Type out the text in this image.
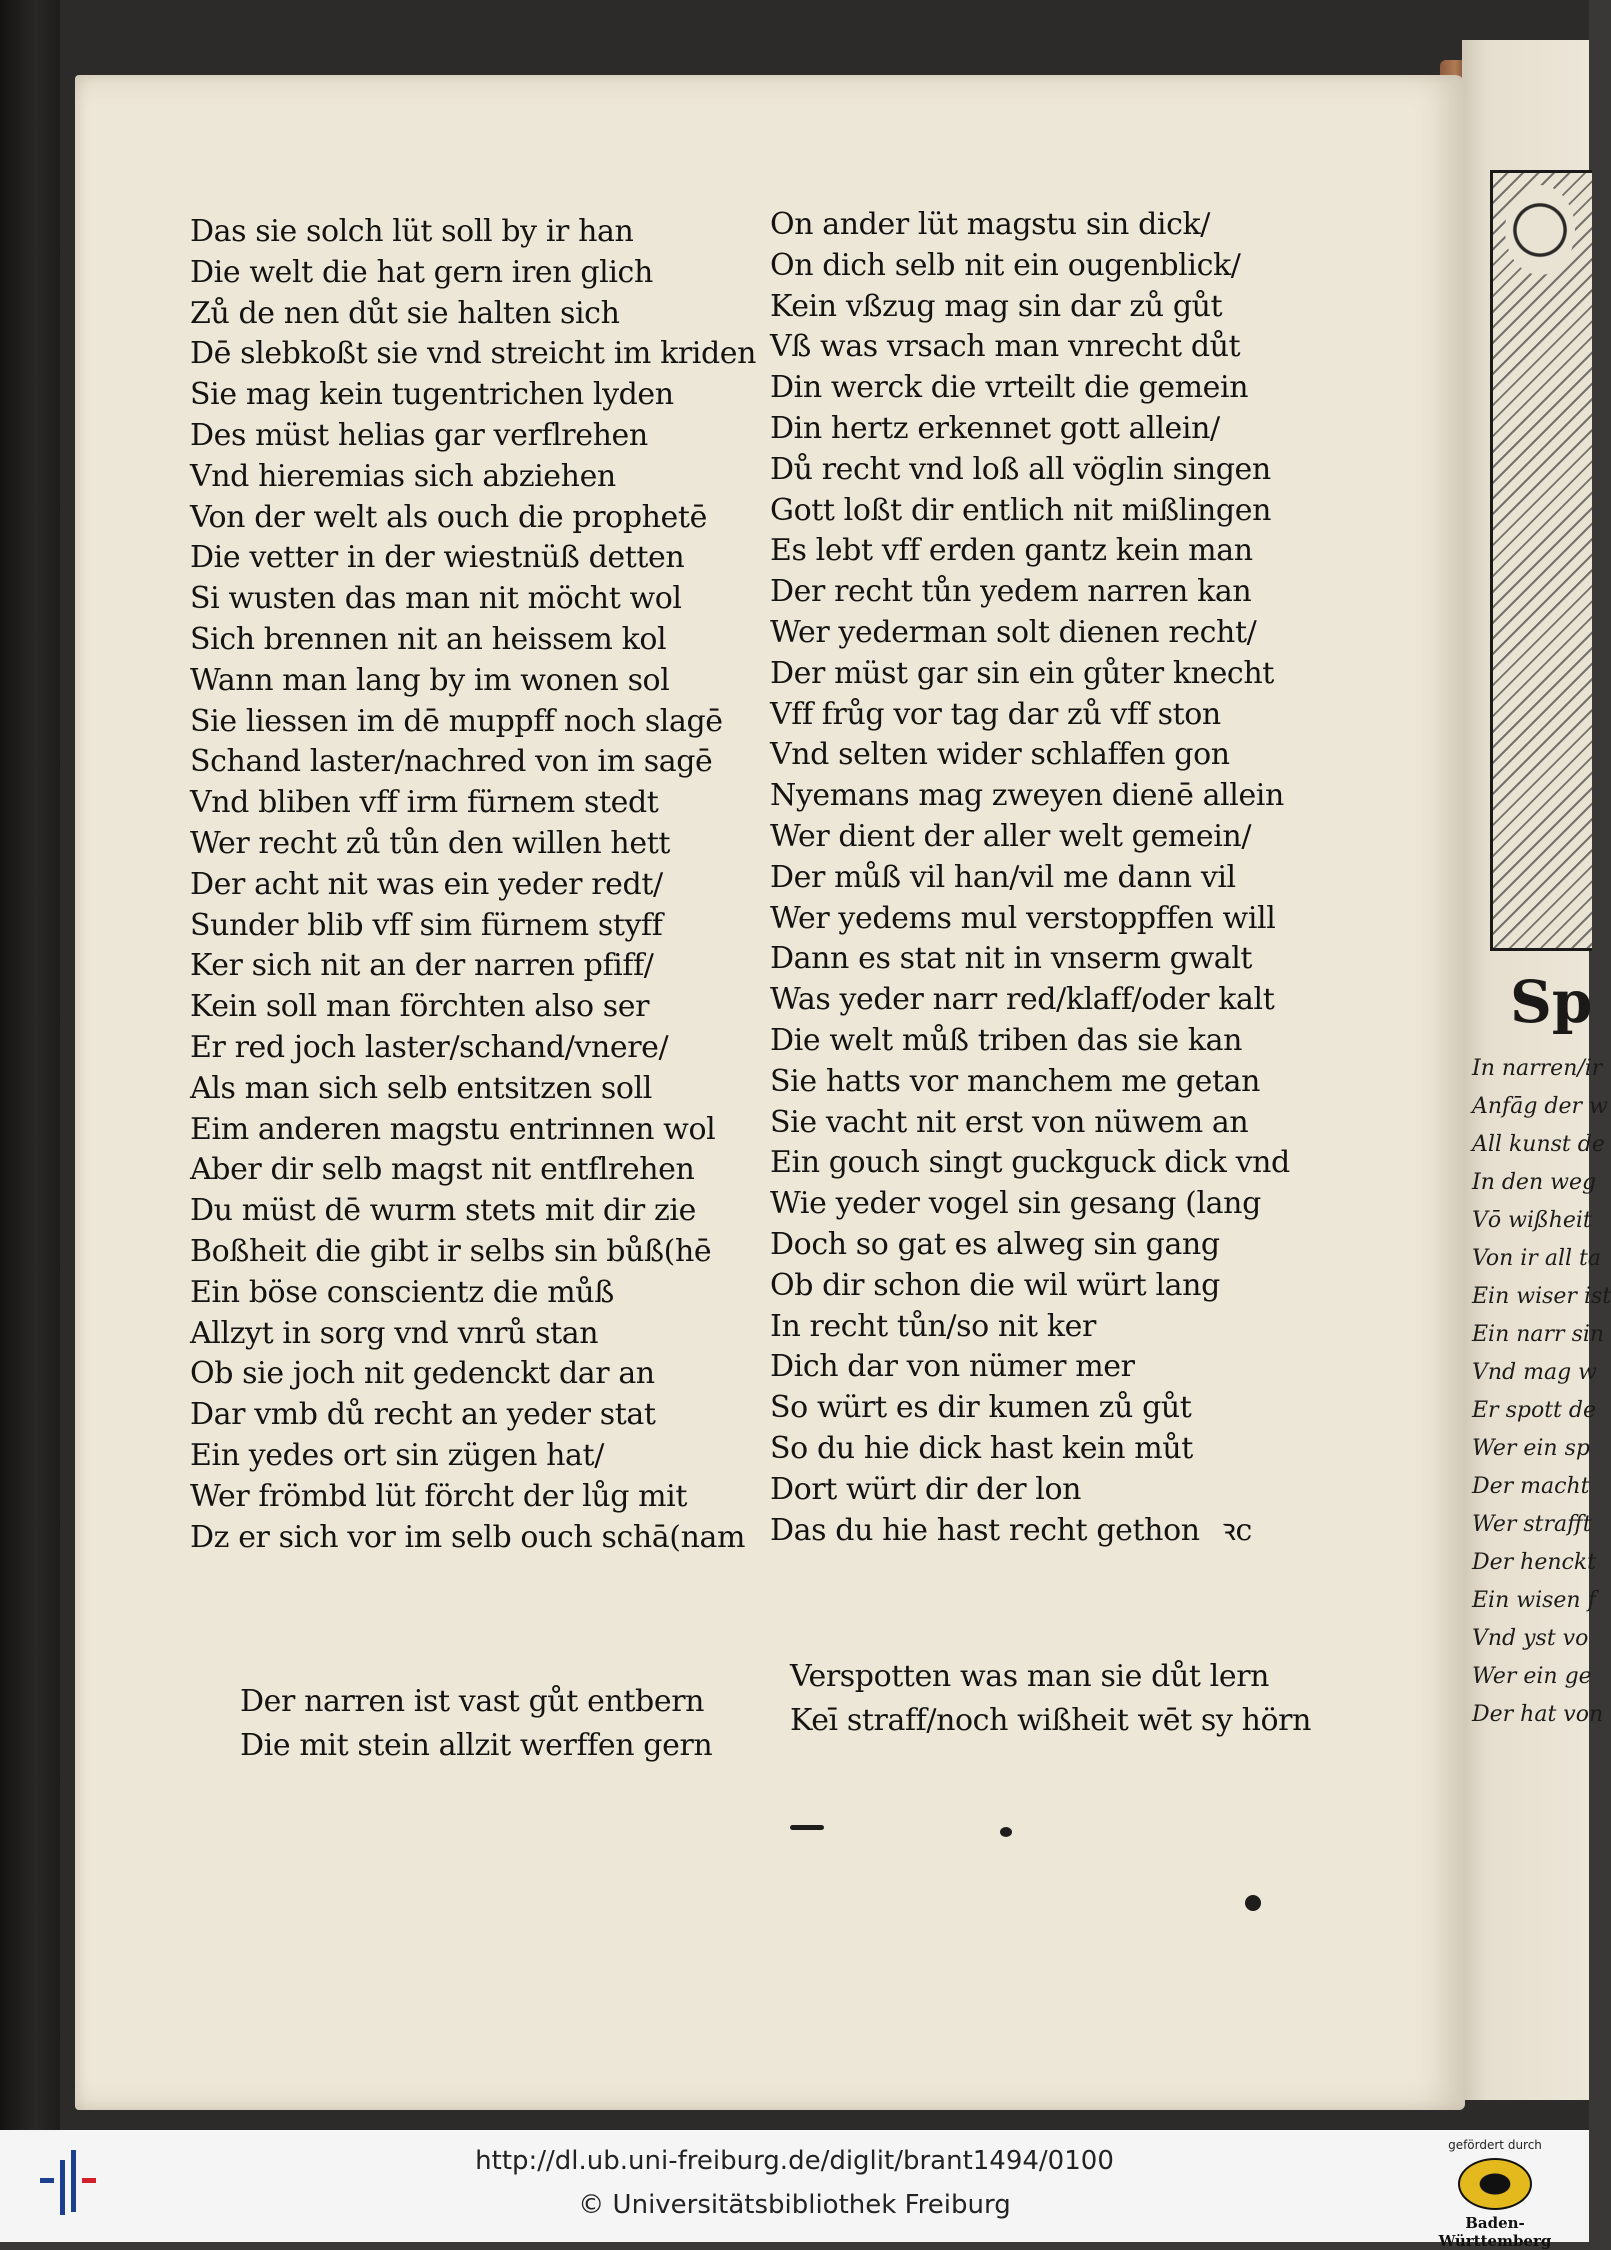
Sp
In narren/ir
Anfāg der w
All kunst de
In den weg
Vō wißheit
Von ir all ta
Ein wiser ist
Ein narr sin
Vnd mag w
Er spott de
Wer ein sp
Der macht
Wer strafft
Der henckt
Ein wisen f
Vnd yst vo
Wer ein ge
Der hat von
Das sie solch lüt soll by ir han
Die welt die hat gern iren glich
Zů de nen důt sie halten sich
Dē slebkoßt sie vnd streicht im kriden
Sie mag kein tugentrichen lyden
Des müst helias gar verflrehen
Vnd hieremias sich abziehen
Von der welt als ouch die prophetē
Die vetter in der wiestnüß detten
Si wusten das man nit möcht wol
Sich brennen nit an heissem kol
Wann man lang by im wonen sol
Sie liessen im dē muppff noch slagē
Schand laster/nachred von im sagē
Vnd bliben vff irm fürnem stedt
Wer recht zů tůn den willen hett
Der acht nit was ein yeder redt/
Sunder blib vff sim fürnem styff
Ker sich nit an der narren pfiff/
Kein soll man förchten also ser
Er red joch laster/schand/vnere/
Als man sich selb entsitzen soll
Eim anderen magstu entrinnen wol
Aber dir selb magst nit entflrehen
Du müst dē wurm stets mit dir zie
Boßheit die gibt ir selbs sin bůß(hē
Ein böse conscientz die můß
Allzyt in sorg vnd vnrů stan
Ob sie joch nit gedenckt dar an
Dar vmb dů recht an yeder stat
Ein yedes ort sin zügen hat/
Wer frömbd lüt förcht der lůg mit
Dz er sich vor im selb ouch schā(nam
On ander lüt magstu sin dick/
On dich selb nit ein ougenblick/
Kein vßzug mag sin dar zů gůt
Vß was vrsach man vnrecht důt
Din werck die vrteilt die gemein
Din hertz erkennet gott allein/
Dů recht vnd loß all vöglin singen
Gott loßt dir entlich nit mißlingen
Es lebt vff erden gantz kein man
Der recht tůn yedem narren kan
Wer yederman solt dienen recht/
Der müst gar sin ein gůter knecht
Vff frůg vor tag dar zů vff ston
Vnd selten wider schlaffen gon
Nyemans mag zweyen dienē allein
Wer dient der aller welt gemein/
Der můß vil han/vil me dann vil
Wer yedems mul verstoppffen will
Dann es stat nit in vnserm gwalt
Was yeder narr red/klaff/oder kalt
Die welt můß triben das sie kan
Sie hatts vor manchem me getan
Sie vacht nit erst von nüwem an
Ein gouch singt guckguck dick vnd
Wie yeder vogel sin gesang (lang
Doch so gat es alweg sin gang
Ob dir schon die wil würt lang
In recht tůn/so nit ker
Dich dar von nümer mer
So würt es dir kumen zů gůt
So du hie dick hast kein můt
Dort würt dir der lon
Das du hie hast recht gethon ꝛc
Der narren ist vast gůt entbern
Die mit stein allzit werffen gern
Verspotten was man sie důt lern
Keī straff/noch wißheit wēt sy hörn
http://dl.ub.uni-freiburg.de/diglit/brant1494/0100
© Universitätsbibliothek Freiburg
gefördert durch
Baden-Württemberg
